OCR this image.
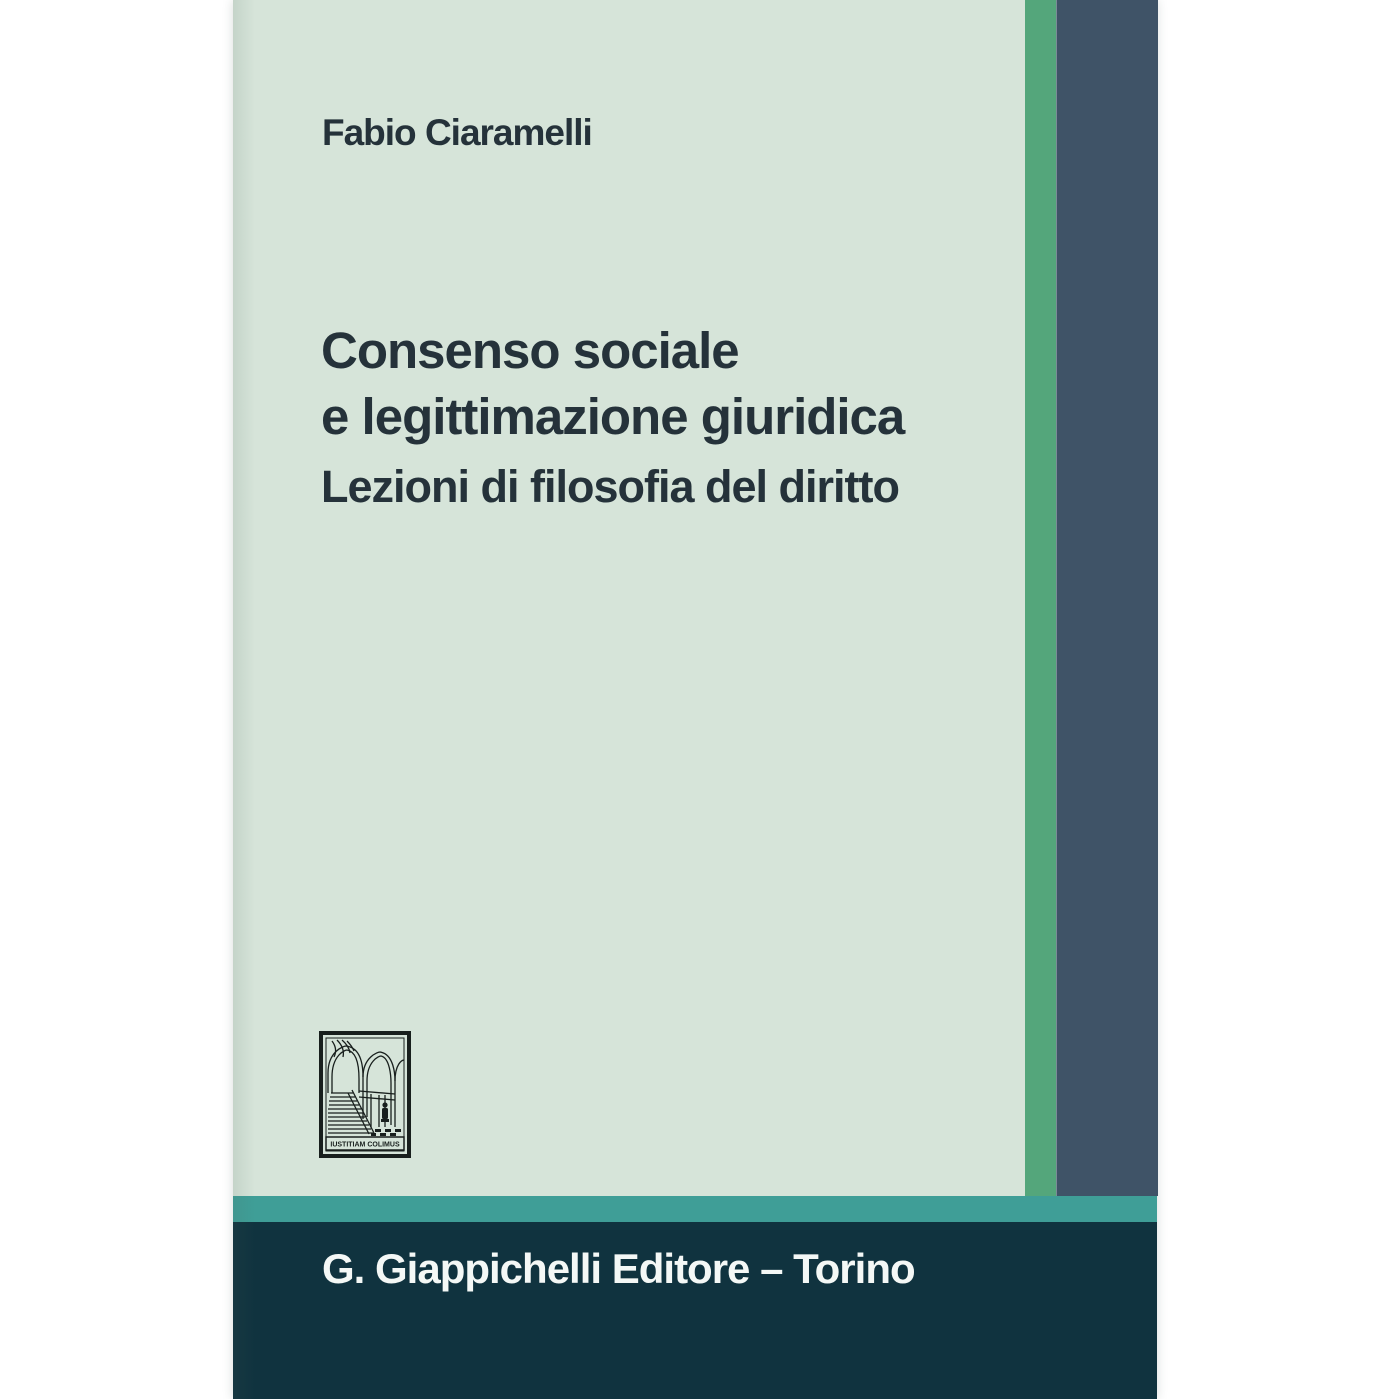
Fabio Ciaramelli
Consenso sociale
e legittimazione giuridica
Lezioni di filosofia del diritto
IUSTITIAM COLIMUS
G. Giappichelli Editore – Torino
